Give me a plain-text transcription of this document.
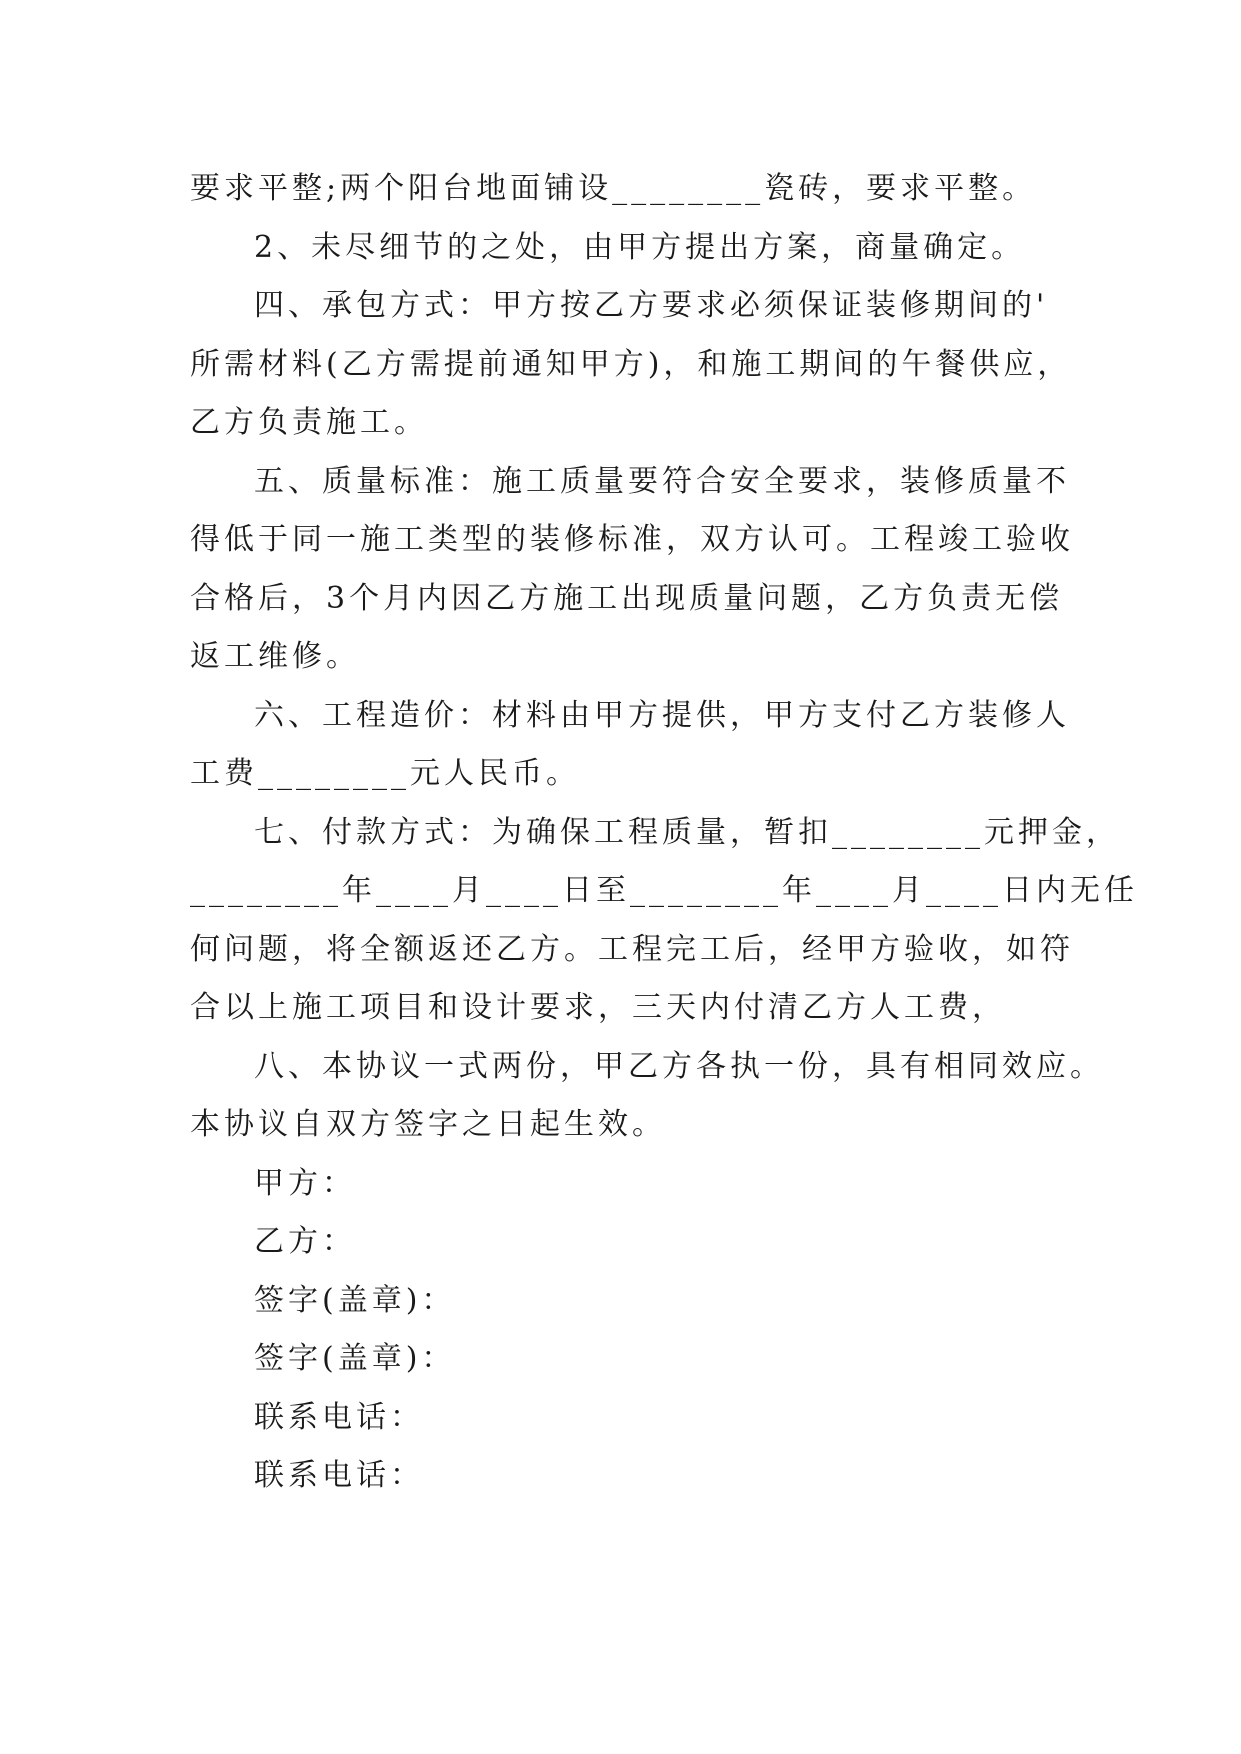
要求平整;两个阳台地面铺设________瓷砖，要求平整。
2、未尽细节的之处，由甲方提出方案，商量确定。
四、承包方式：甲方按乙方要求必须保证装修期间的'
所需材料(乙方需提前通知甲方)，和施工期间的午餐供应，
乙方负责施工。
五、质量标准：施工质量要符合安全要求，装修质量不
得低于同一施工类型的装修标准，双方认可。工程竣工验收
合格后，3个月内因乙方施工出现质量问题，乙方负责无偿
返工维修。
六、工程造价：材料由甲方提供，甲方支付乙方装修人
工费________元人民币。
七、付款方式：为确保工程质量，暂扣________元押金，
________年____月____日至________年____月____日内无任
何问题，将全额返还乙方。工程完工后，经甲方验收，如符
合以上施工项目和设计要求，三天内付清乙方人工费，
八、本协议一式两份，甲乙方各执一份，具有相同效应。
本协议自双方签字之日起生效。
甲方：
乙方：
签字(盖章)：
签字(盖章)：
联系电话：
联系电话：
